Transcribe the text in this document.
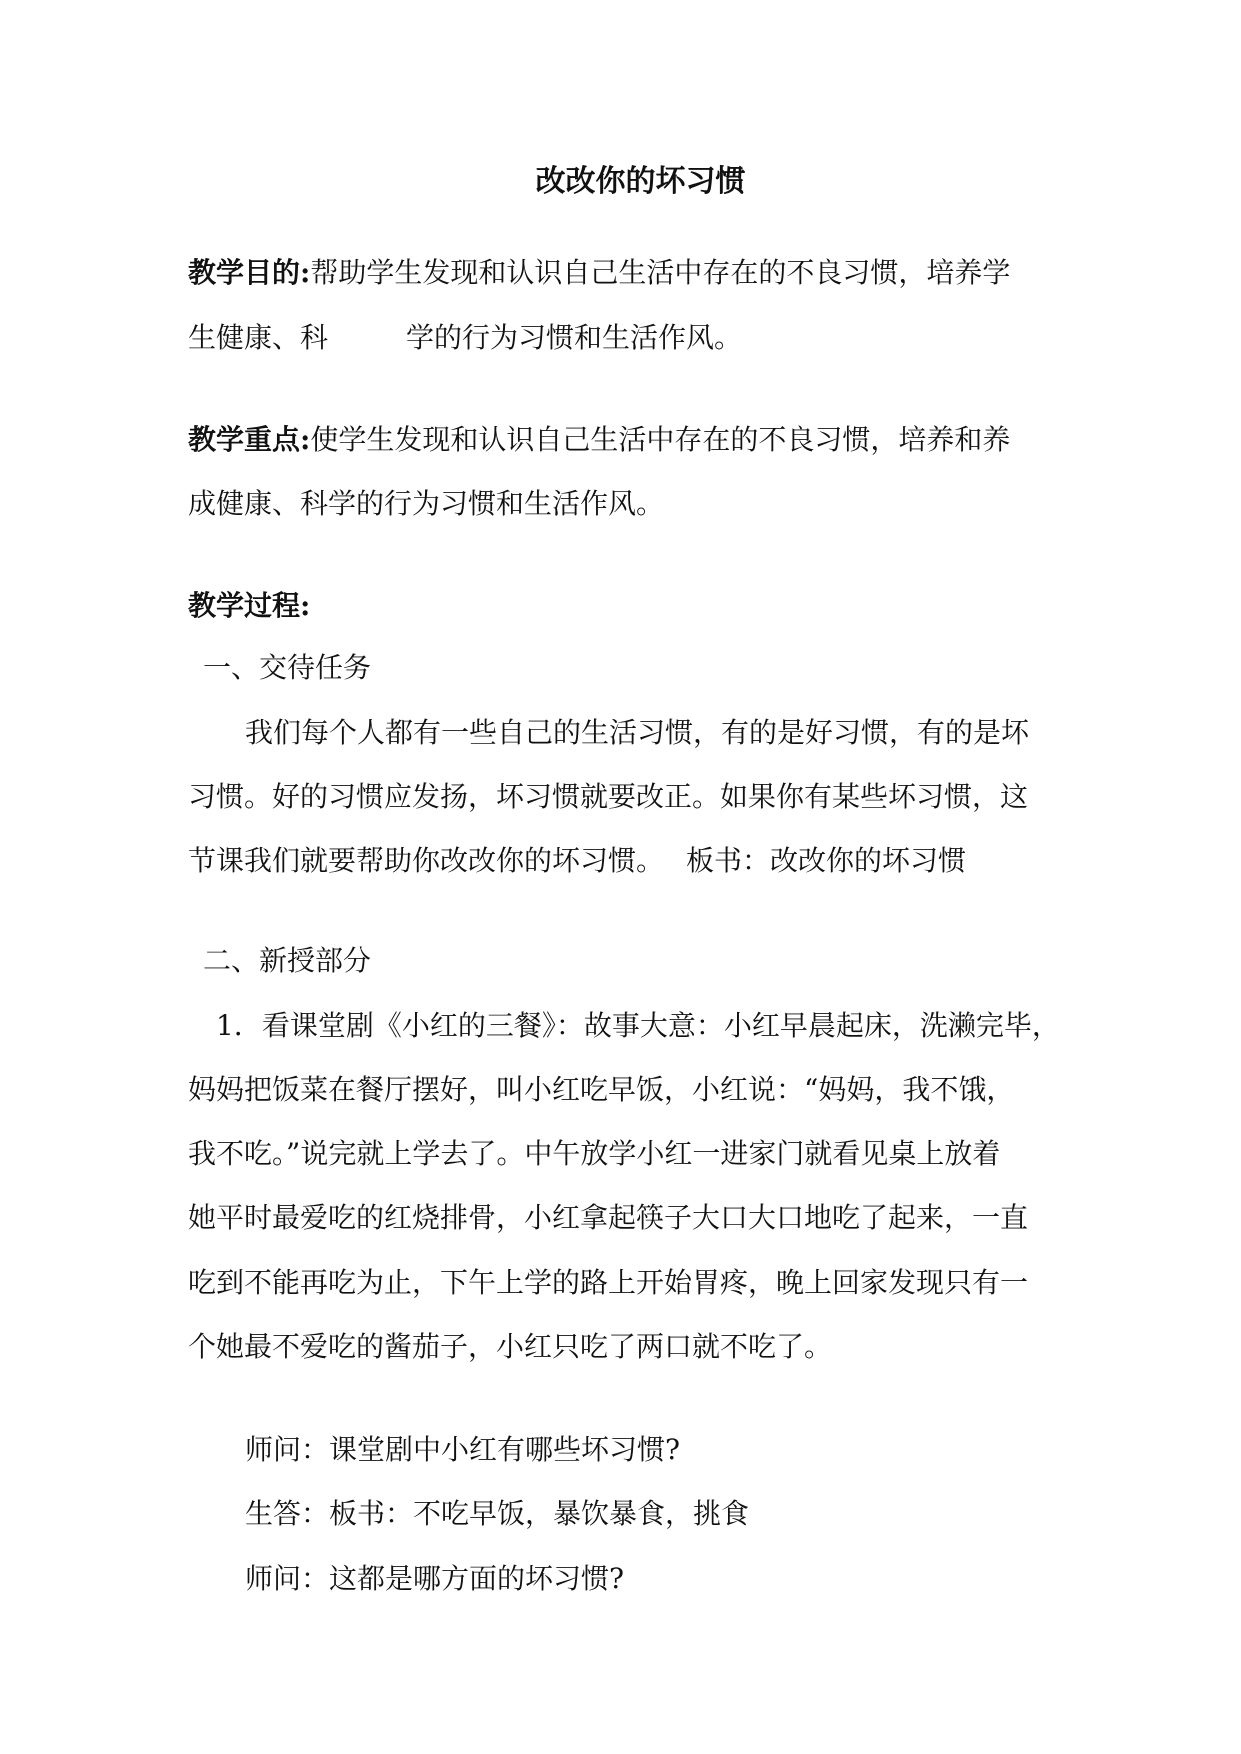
改改你的坏习惯
教学目的:帮助学生发现和认识自己生活中存在的不良习惯，培养学
生健康、科	学的行为习惯和生活作风。
教学重点:使学生发现和认识自己生活中存在的不良习惯，培养和养
成健康、科学的行为习惯和生活作风。
教学过程:
一、交待任务
我们每个人都有一些自己的生活习惯，有的是好习惯，有的是坏
习惯。好的习惯应发扬，坏习惯就要改正。如果你有某些坏习惯，这
节课我们就要帮助你改改你的坏习惯。 板书：改改你的坏习惯
二、新授部分
1．看课堂剧《小红的三餐》：故事大意：小红早晨起床，洗濑完毕，
妈妈把饭菜在餐厅摆好，叫小红吃早饭，小红说：“妈妈，我不饿，
我不吃。”说完就上学去了。中午放学小红一进家门就看见桌上放着
她平时最爱吃的红烧排骨，小红拿起筷子大口大口地吃了起来，一直
吃到不能再吃为止，下午上学的路上开始胃疼，晚上回家发现只有一
个她最不爱吃的酱茄子，小红只吃了两口就不吃了。
师问：课堂剧中小红有哪些坏习惯?
生答：板书：不吃早饭，暴饮暴食，挑食
师问：这都是哪方面的坏习惯?
